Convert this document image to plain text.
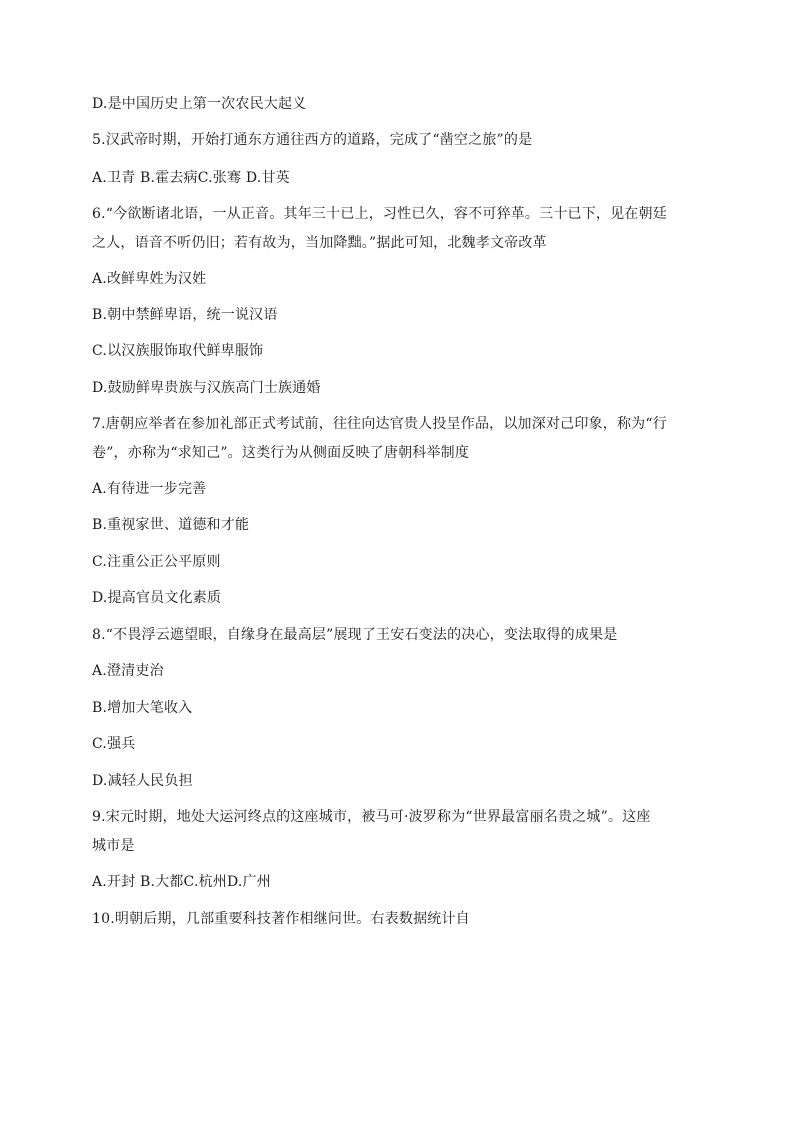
D.是中国历史上第一次农民大起义
5.汉武帝时期，开始打通东方通往西方的道路，完成了“凿空之旅”的是
A.卫青 B.霍去病C.张骞 D.甘英
6.“今欲断诸北语，一从正音。其年三十已上，习性已久，容不可猝革。三十已下，见在朝廷
之人，语音不听仍旧；若有故为，当加降黜。”据此可知，北魏孝文帝改革
A.改鲜卑姓为汉姓
B.朝中禁鲜卑语，统一说汉语
C.以汉族服饰取代鲜卑服饰
D.鼓励鲜卑贵族与汉族高门士族通婚
7.唐朝应举者在参加礼部正式考试前，往往向达官贵人投呈作品，以加深对己印象，称为“行
卷”，亦称为“求知己”。这类行为从侧面反映了唐朝科举制度
A.有待进一步完善
B.重视家世、道德和才能
C.注重公正公平原则
D.提高官员文化素质
8.“不畏浮云遮望眼，自缘身在最高层”展现了王安石变法的决心，变法取得的成果是
A.澄清吏治
B.增加大笔收入
C.强兵
D.减轻人民负担
9.宋元时期，地处大运河终点的这座城市，被马可·波罗称为“世界最富丽名贵之城”。这座
城市是
A.开封 B.大都C.杭州D.广州
10.明朝后期，几部重要科技著作相继问世。右表数据统计自
